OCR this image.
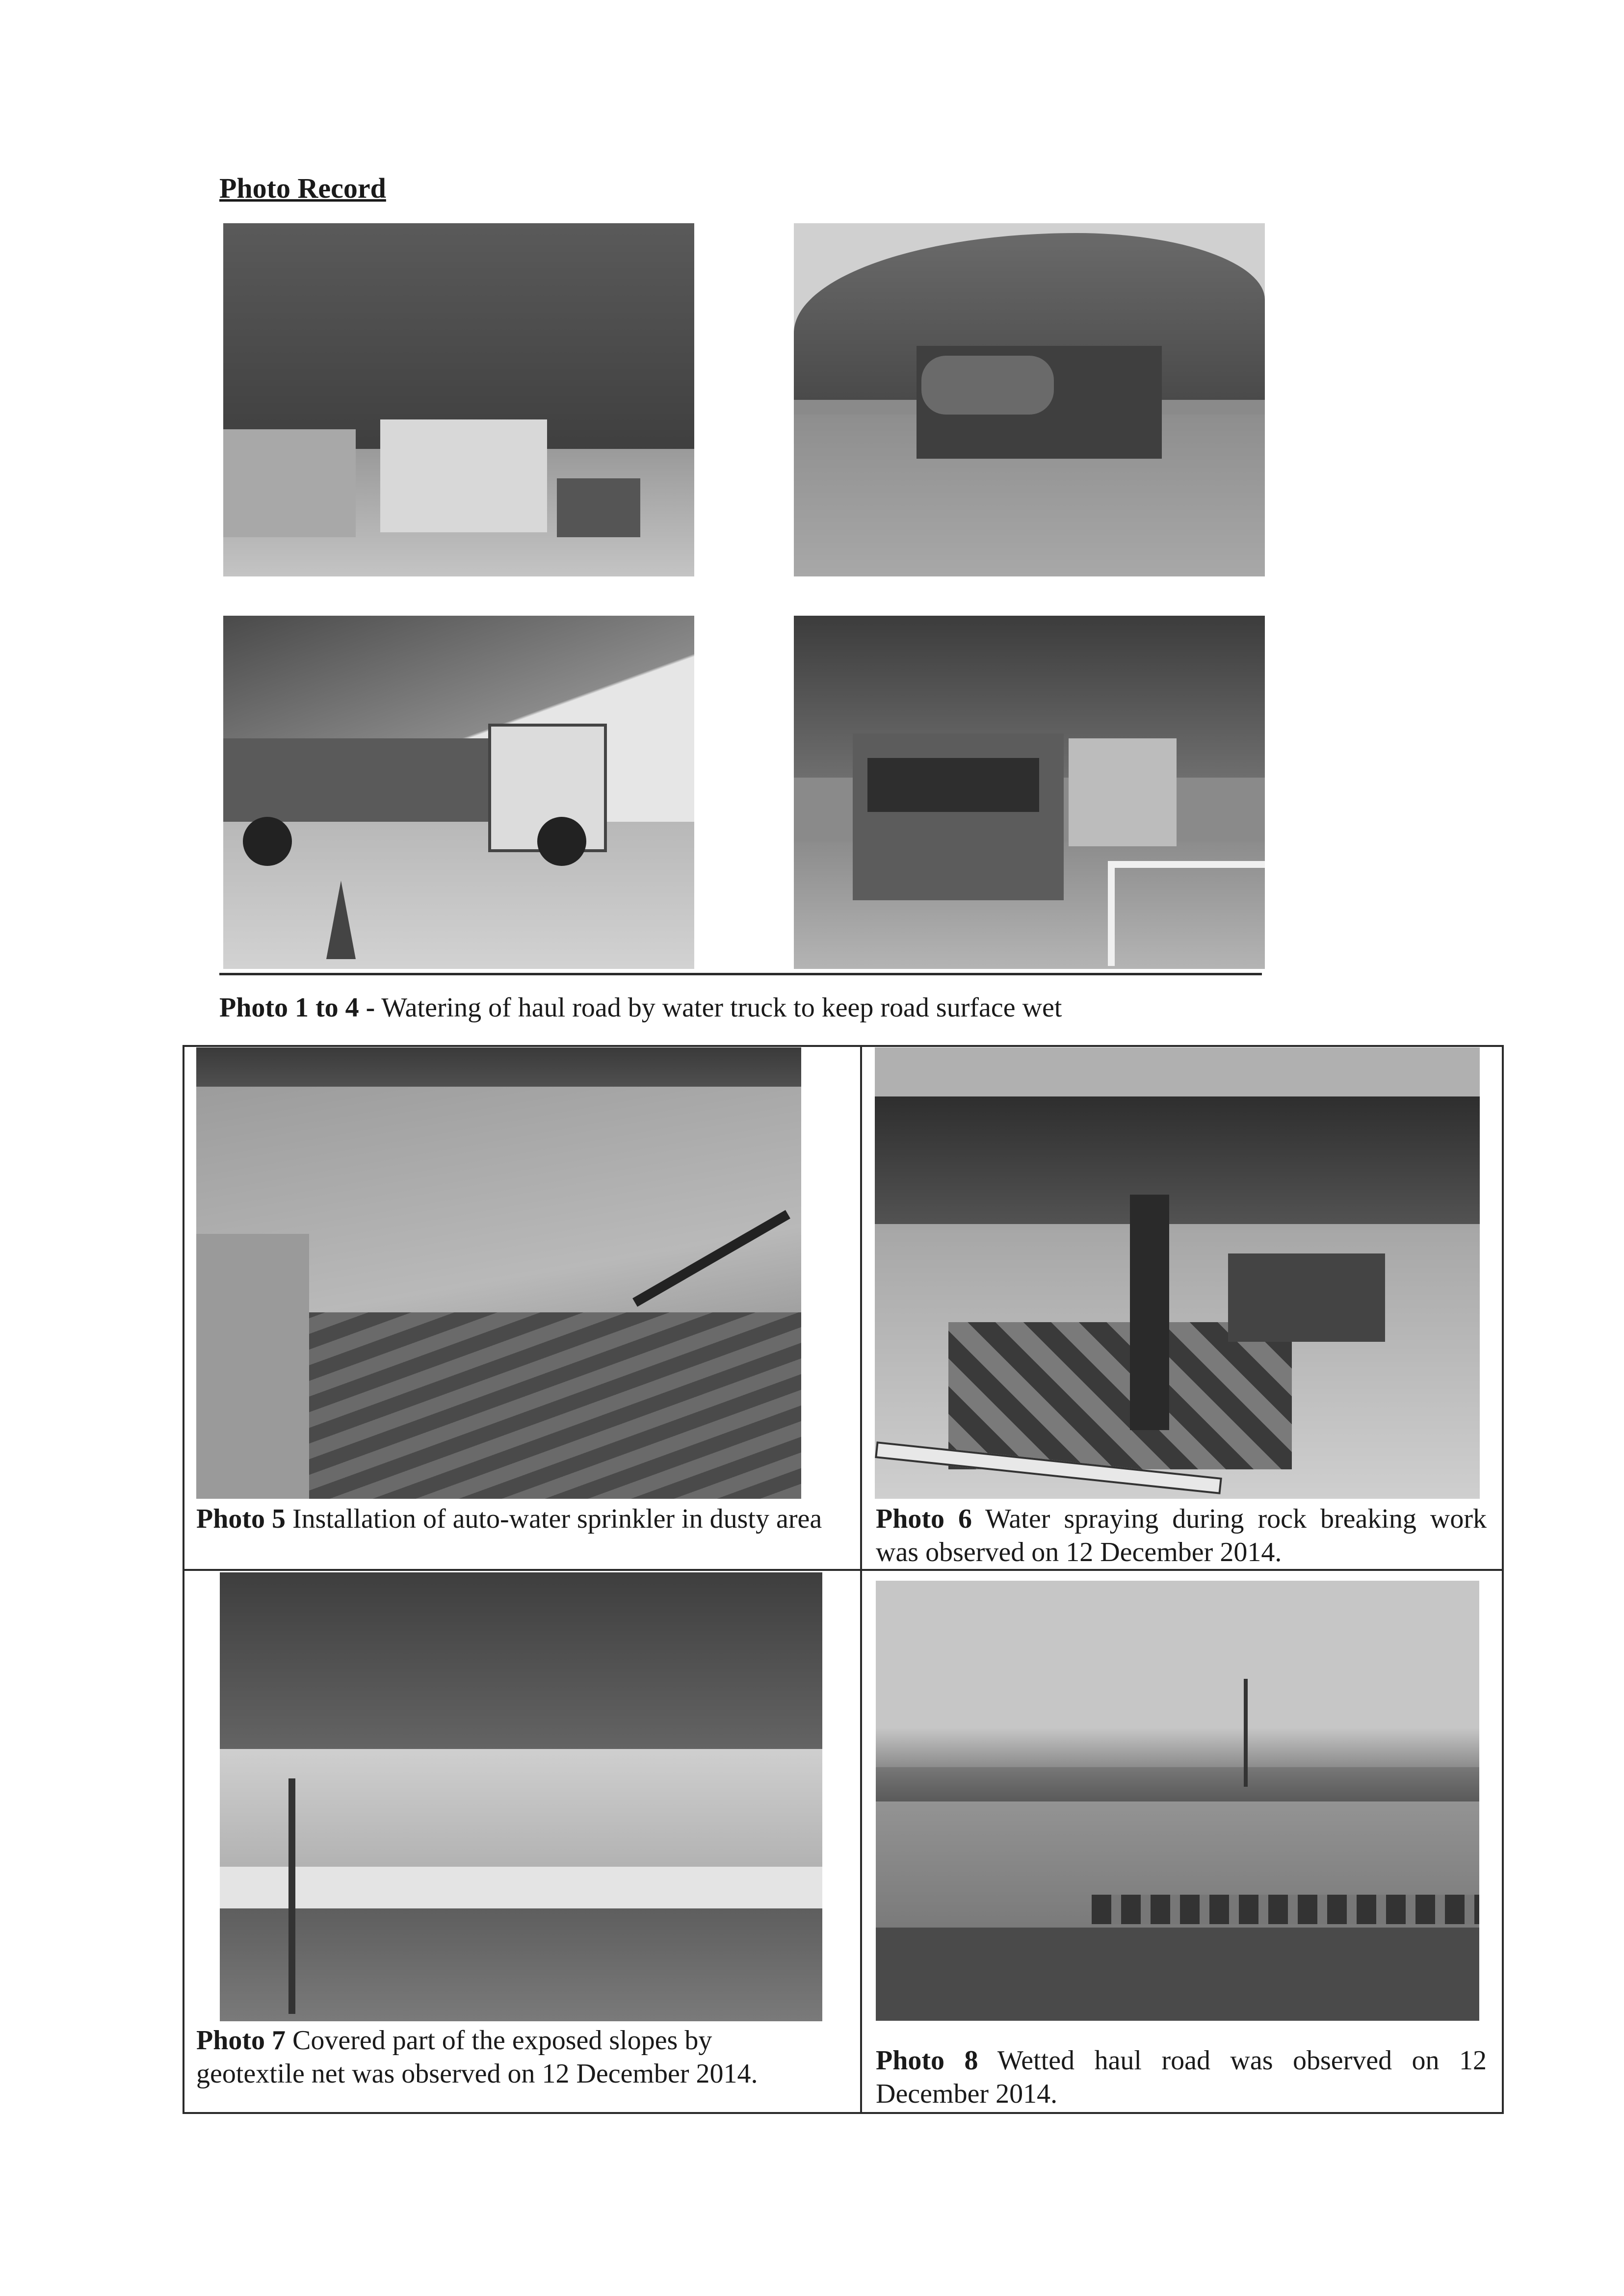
Photo Record
Photo 1 to 4 - Watering of haul road by water truck to keep road surface wet
Photo 5 Installation of auto-water sprinkler in dusty area	Photo 6 Water spraying during rock breaking work was observed on 12 December 2014.
Photo 7 Covered part of the exposed slopes by geotextile net was observed on 12 December 2014.	Photo 8 Wetted haul road was observed on 12 December 2014.
